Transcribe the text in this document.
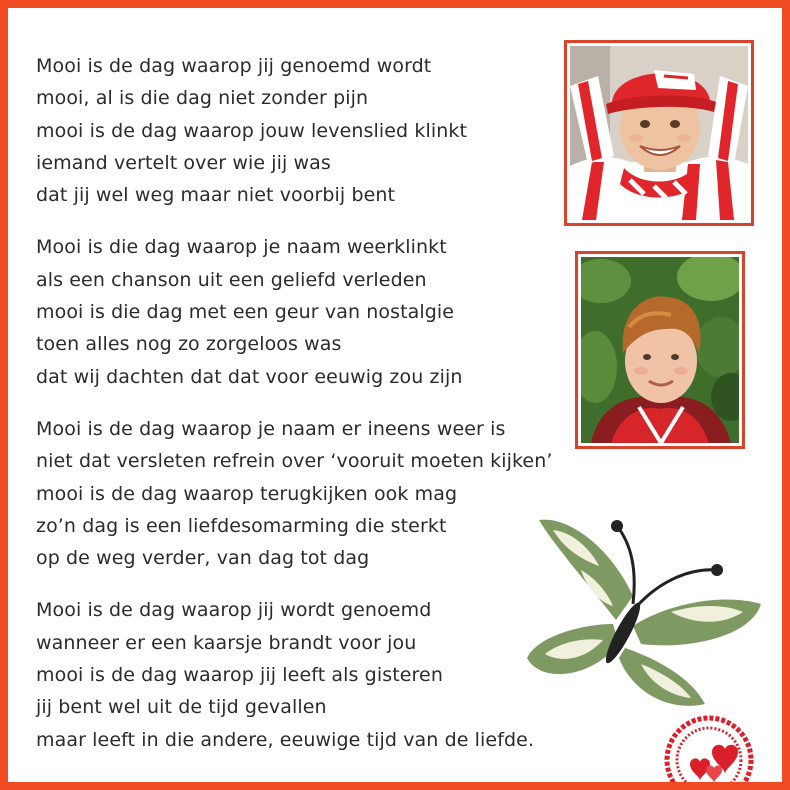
Mooi is de dag waarop jij genoemd wordt
mooi, al is die dag niet zonder pijn
mooi is de dag waarop jouw levenslied klinkt
iemand vertelt over wie jij was
dat jij wel weg maar niet voorbij bent
Mooi is die dag waarop je naam weerklinkt
als een chanson uit een geliefd verleden
mooi is die dag met een geur van nostalgie
toen alles nog zo zorgeloos was
dat wij dachten dat dat voor eeuwig zou zijn
Mooi is de dag waarop je naam er ineens weer is
niet dat versleten refrein over ‘vooruit moeten kijken’
mooi is de dag waarop terugkijken ook mag
zo’n dag is een liefdesomarming die sterkt
op de weg verder, van dag tot dag
Mooi is de dag waarop jij wordt genoemd
wanneer er een kaarsje brandt voor jou
mooi is de dag waarop jij leeft als gisteren
jij bent wel uit de tijd gevallen
maar leeft in die andere, eeuwige tijd van de liefde.
